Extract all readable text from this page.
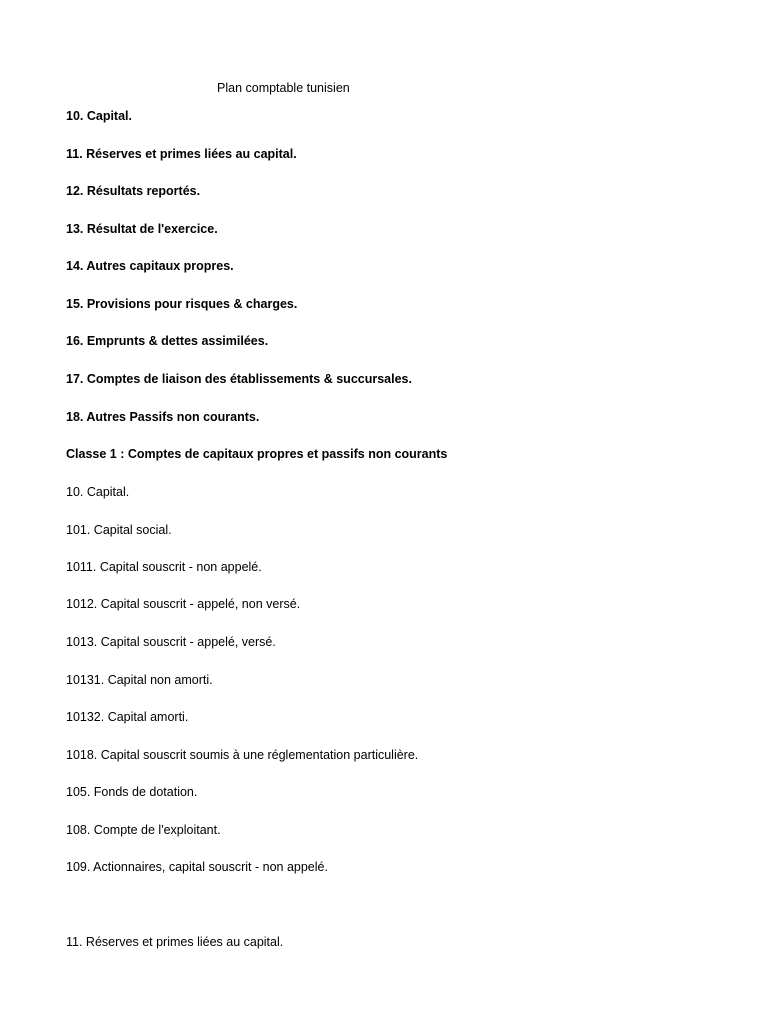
Plan comptable tunisien
10. Capital.
11. Réserves et primes liées au capital.
12. Résultats reportés.
13. Résultat de l'exercice.
14. Autres capitaux propres.
15. Provisions pour risques & charges.
16. Emprunts & dettes assimilées.
17. Comptes de liaison des établissements & succursales.
18. Autres Passifs non courants.
Classe 1 : Comptes de capitaux propres et passifs non courants
10. Capital.
101. Capital social.
1011. Capital souscrit - non appelé.
1012. Capital souscrit - appelé, non versé.
1013. Capital souscrit - appelé, versé.
10131. Capital non amorti.
10132. Capital amorti.
1018. Capital souscrit soumis à une réglementation particulière.
105. Fonds de dotation.
108. Compte de l'exploitant.
109. Actionnaires, capital souscrit - non appelé.
11. Réserves et primes liées au capital.
